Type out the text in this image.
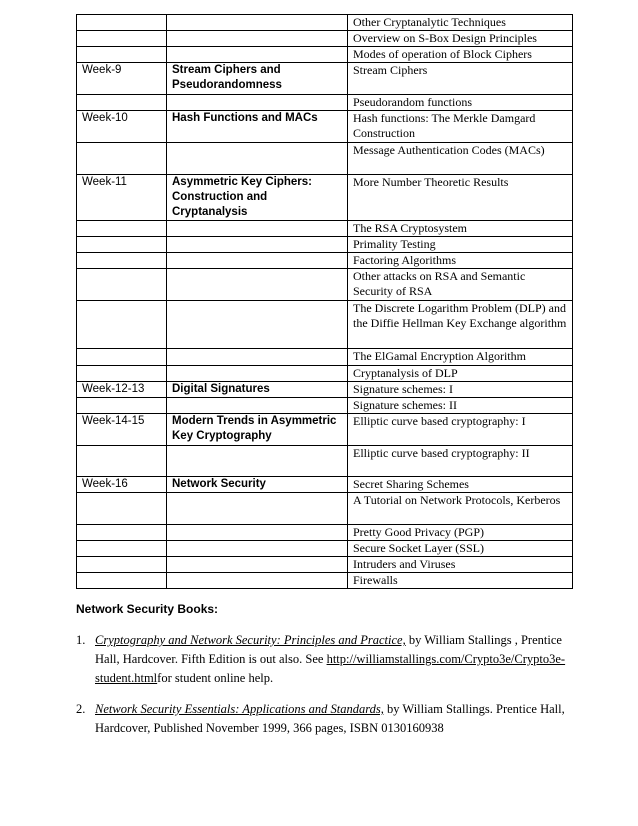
		Other Cryptanalytic Techniques
		Overview on S-Box Design Principles
		Modes of operation of Block Ciphers
Week-9	Stream Ciphers and Pseudorandomness	Stream Ciphers
		Pseudorandom functions
Week-10	Hash Functions and MACs	Hash functions: The Merkle Damgard Construction
		Message Authentication Codes (MACs)
Week-11	Asymmetric Key Ciphers: Construction and Cryptanalysis	More Number Theoretic Results
		The RSA Cryptosystem
		Primality Testing
		Factoring Algorithms
		Other attacks on RSA and Semantic Security of RSA
		The Discrete Logarithm Problem (DLP) and the Diffie Hellman Key Exchange algorithm
		The ElGamal Encryption Algorithm
		Cryptanalysis of DLP
Week-12-13	Digital Signatures	Signature schemes: I
		Signature schemes: II
Week-14-15	Modern Trends in Asymmetric Key Cryptography	Elliptic curve based cryptography: I
		Elliptic curve based cryptography: II
Week-16	Network Security	Secret Sharing Schemes
		A Tutorial on Network Protocols, Kerberos
		Pretty Good Privacy (PGP)
		Secure Socket Layer (SSL)
		Intruders and Viruses
		Firewalls
Network Security Books:
1. Cryptography and Network Security: Principles and Practice, by William Stallings , Prentice Hall, Hardcover. Fifth Edition is out also. See http://williamstallings.com/Crypto3e/Crypto3e-student.htmlfor student online help.
2. Network Security Essentials: Applications and Standards, by William Stallings. Prentice Hall, Hardcover, Published November 1999, 366 pages, ISBN 0130160938
